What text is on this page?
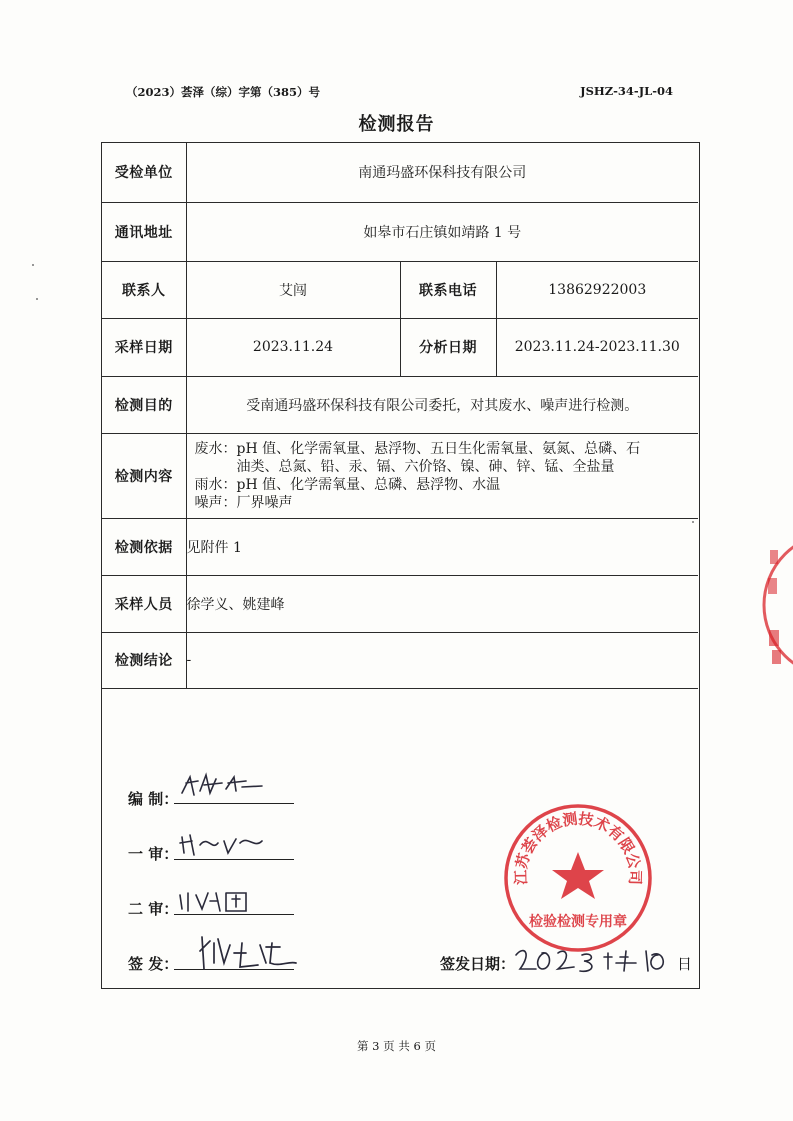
（2023）荟泽（综）字第（385）号	JSHZ-34-JL-04
检测报告
受检单位	南通玛盛环保科技有限公司		
通讯地址	如皋市石庄镇如靖路 1 号		
联系人	艾闯	联系电话	13862922003
采样日期	2023.11.24	分析日期	2023.11.24-2023.11.30
检测目的	受南通玛盛环保科技有限公司委托，对其废水、噪声进行检测。		
检测内容	废水：pH 值、化学需氧量、悬浮物、五日生化需氧量、氨氮、总磷、石
油类、总氮、铅、汞、镉、六价铬、镍、砷、锌、锰、全盐量
雨水：pH 值、化学需氧量、总磷、悬浮物、水温
噪声：厂界噪声		

检测依据	见附件 1		
采样人员	徐学义、姚建峰		
检测结论	-		
编 制：
一 审：
二 审：
签 发：	签发日期：	日
江苏荟泽检测技术有限公司
检验检测专用章
第 3 页 共 6 页
